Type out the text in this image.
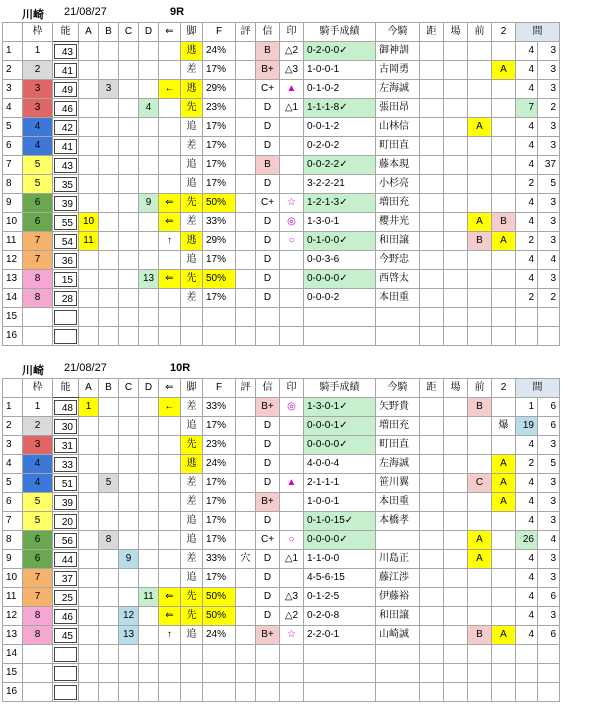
川崎 21/08/27	9R
	枠	能	A	B	C	D	⇐	脚	F	評	信	印	騎手成績	今騎	距	場	前	2	間	
1	1	43						逃	24%		B	△2	0-2-0-0✓	御神訓					4	3
2	2	41						差	17%		B+	△3	1-0-0-1	古岡勇				A	4	3
3	3	49		3			←	逃	29%		C+	▲	0-1-0-2	左海誠					4	3
4	3	46				4		先	23%		D	△1	1-1-1-8✓	張田昂					7	2
5	4	42						追	17%		D		0-0-1-2	山林信			A		4	3
6	4	41						差	17%		D		0-2-0-2	町田直					4	3
7	5	43						追	17%		B		0-0-2-2✓	藤本現					4	37
8	5	35						追	17%		D		3-2-2-21	小杉亮					2	5
9	6	39				9	⇐	先	50%		C+	☆	1-2-1-3✓	増田充					4	3
10	6	55	10				⇐	差	33%		D	◎	1-3-0-1	櫻井光			A	B	4	3
11	7	54	11				↑	逃	29%		D	○	0-1-0-0✓	和田譲			B	A	2	3
12	7	36						追	17%		D		0-0-3-6	今野忠					4	4
13	8	15				13	⇐	先	50%		D		0-0-0-0✓	西啓太					4	3
14	8	28						差	17%		D		0-0-0-2	本田重					2	2
15		

16		

川崎 21/08/27	10R
	枠	能	A	B	C	D	⇐	脚	F	評	信	印	騎手成績	今騎	距	場	前	2	間	
1	1	48	1				←	差	33%		B+	◎	1-3-0-1✓	矢野貴			B		1	6
2	2	30						追	17%		D		0-0-0-1✓	増田充				爆	19	6
3	3	31						先	23%		D		0-0-0-0✓	町田直					4	3
4	4	33						逃	24%		D		4-0-0-4	左海誠				A	2	5
5	4	51		5				差	17%		D	▲	2-1-1-1	笹川翼			C	A	4	3
6	5	39						差	17%		B+		1-0-0-1	本田重				A	4	3
7	5	20						追	17%		D		0-1-0-15✓	本橋孝					4	3
8	6	56		8				追	17%		C+	○	0-0-0-0✓				A		26	4
9	6	44			9			差	33%	穴	D	△1	1-1-0-0	川島正			A		4	3
10	7	37						追	17%		D		4-5-6-15	藤江渉					4	3
11	7	25				11	⇐	先	50%		D	△3	0-1-2-5	伊藤裕					4	6
12	8	46			12		⇐	先	50%		D	△2	0-2-0-8	和田譲					4	3
13	8	45			13		↑	追	24%		B+	☆	2-2-0-1	山崎誠			B	A	4	6
14		

15		

16		
